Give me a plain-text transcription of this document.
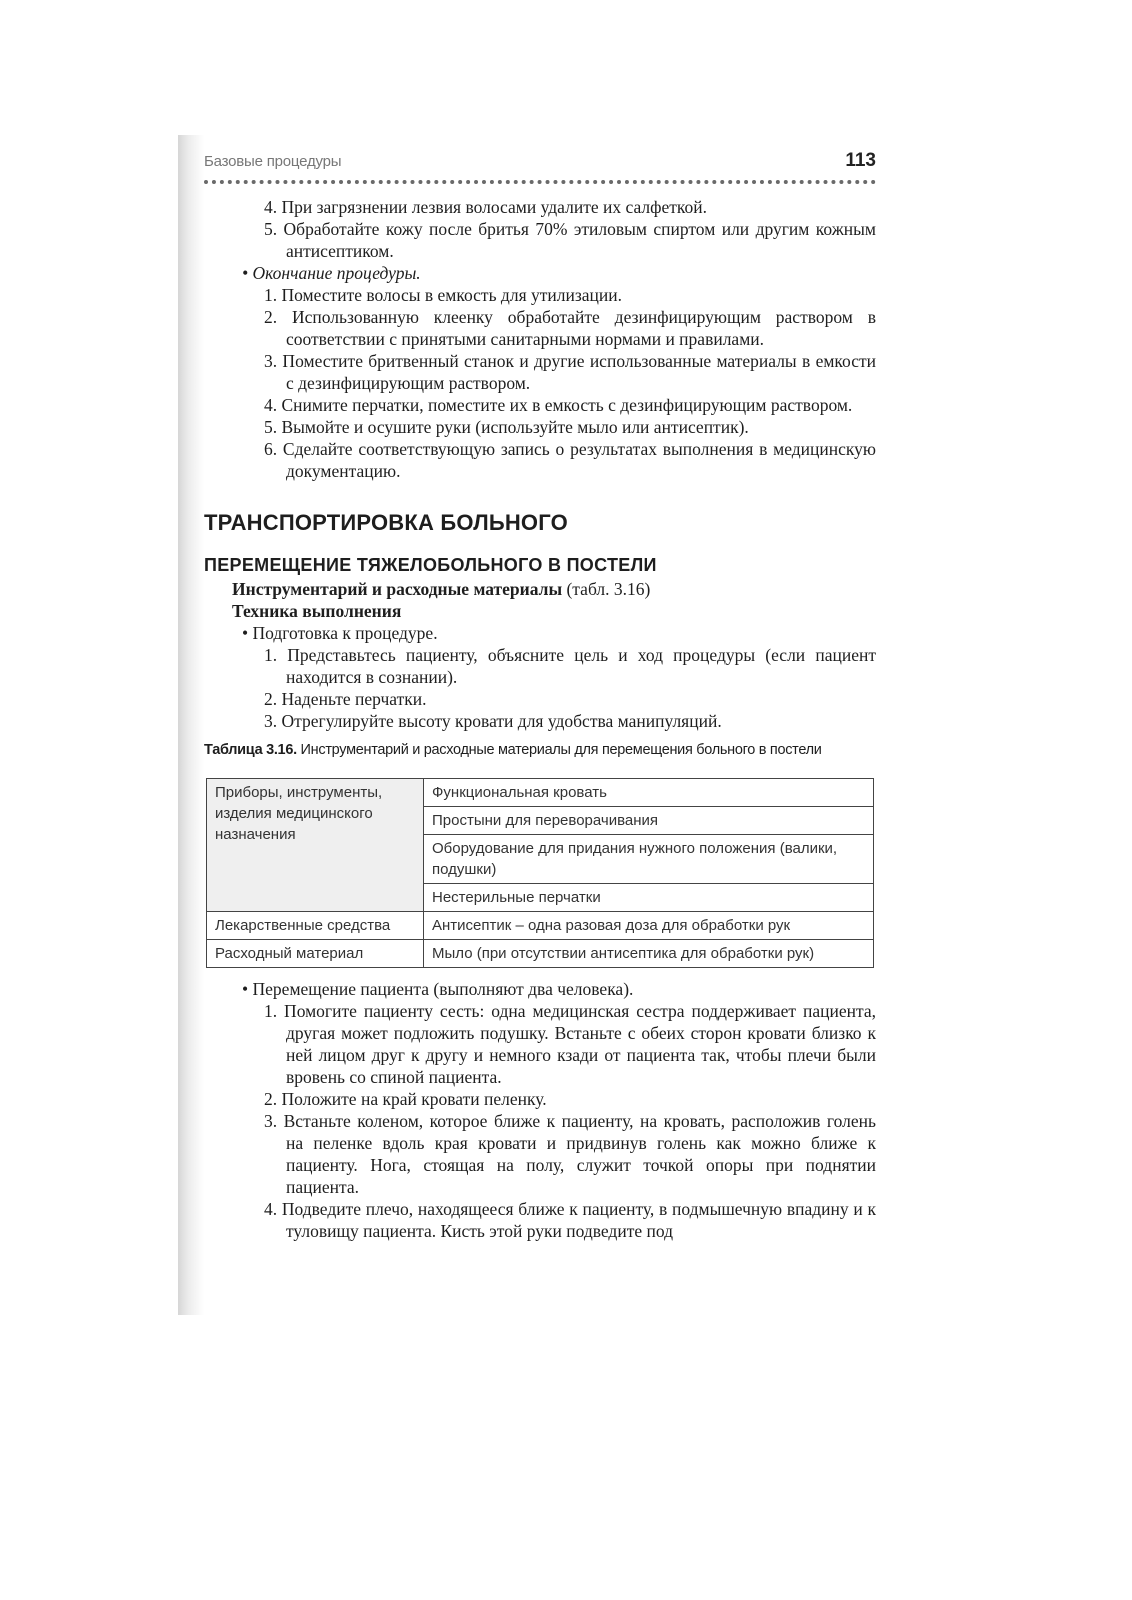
Базовые процедуры	113

4. При загрязнении лезвия волосами удалите их салфеткой.

5. Обработайте кожу после бритья 70% этиловым спиртом или другим кожным антисептиком.

• Окончание процедуры.

1. Поместите волосы в емкость для утилизации.

2. Использованную клеенку обработайте дезинфицирующим раствором в соответствии с принятыми санитарными нормами и правилами.

3. Поместите бритвенный станок и другие использованные материалы в емкости с дезинфицирующим раствором.

4. Снимите перчатки, поместите их в емкость с дезинфицирующим раствором.

5. Вымойте и осушите руки (используйте мыло или антисептик).

6. Сделайте соответствующую запись о результатах выполнения в медицинскую документацию.

ТРАНСПОРТИРОВКА БОЛЬНОГО
ПЕРЕМЕЩЕНИЕ ТЯЖЕЛОБОЛЬНОГО В ПОСТЕЛИ

Инструментарий и расходные материалы (табл. 3.16)

Техника выполнения

• Подготовка к процедуре.

1. Представьтесь пациенту, объясните цель и ход процедуры (если пациент находится в сознании).

2. Наденьте перчатки.

3. Отрегулируйте высоту кровати для удобства манипуляций.

Таблица 3.16. Инструментарий и расходные материалы для перемещения больного в постели
Приборы, инструменты, изделия медицинского назначения	Функциональная кровать
	Простыни для переворачивания
	Оборудование для придания нужного положения (валики, подушки)
	Нестерильные перчатки
Лекарственные средства	Антисептик – одна разовая доза для обработки рук
Расходный материал	Мыло (при отсутствии антисептика для обработки рук)

• Перемещение пациента (выполняют два человека).

1. Помогите пациенту сесть: одна медицинская сестра поддерживает пациента, другая может подложить подушку. Встаньте с обеих сторон кровати близко к ней лицом друг к другу и немного кзади от пациента так, чтобы плечи были вровень со спиной пациента.

2. Положите на край кровати пеленку.

3. Встаньте коленом, которое ближе к пациенту, на кровать, расположив голень на пеленке вдоль края кровати и придвинув голень как можно ближе к пациенту. Нога, стоящая на полу, служит точкой опоры при поднятии пациента.

4. Подведите плечо, находящееся ближе к пациенту, в подмышечную впадину и к туловищу пациента. Кисть этой руки подведите под
